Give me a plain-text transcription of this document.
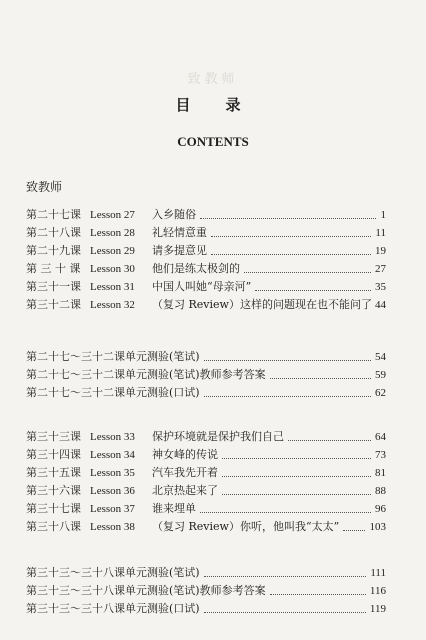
致教师
目　录
CONTENTS
致教师
第二十七课 Lesson 27 入乡随俗	1
第二十八课 Lesson 28 礼轻情意重	11
第二十九课 Lesson 29 请多提意见	19
第 三 十 课 Lesson 30 他们是练太极剑的	27
第三十一课 Lesson 31 中国人叫她“母亲河”	35
第三十二课 Lesson 32 （复习 Review）这样的问题现在也不能问了 44
第二十七～三十二课单元测验(笔试)	54
第二十七～三十二课单元测验(笔试)教师参考答案	59
第二十七～三十二课单元测验(口试)	62
第三十三课 Lesson 33 保护环境就是保护我们自己	64
第三十四课 Lesson 34 神女峰的传说	73
第三十五课 Lesson 35 汽车我先开着	81
第三十六课 Lesson 36 北京热起来了	88
第三十七课 Lesson 37 谁来埋单	96
第三十八课 Lesson 38 （复习 Review）你听，他叫我“太太”	103
第三十三～三十八课单元测验(笔试)	111
第三十三～三十八课单元测验(笔试)教师参考答案	116
第三十三～三十八课单元测验(口试)	119
